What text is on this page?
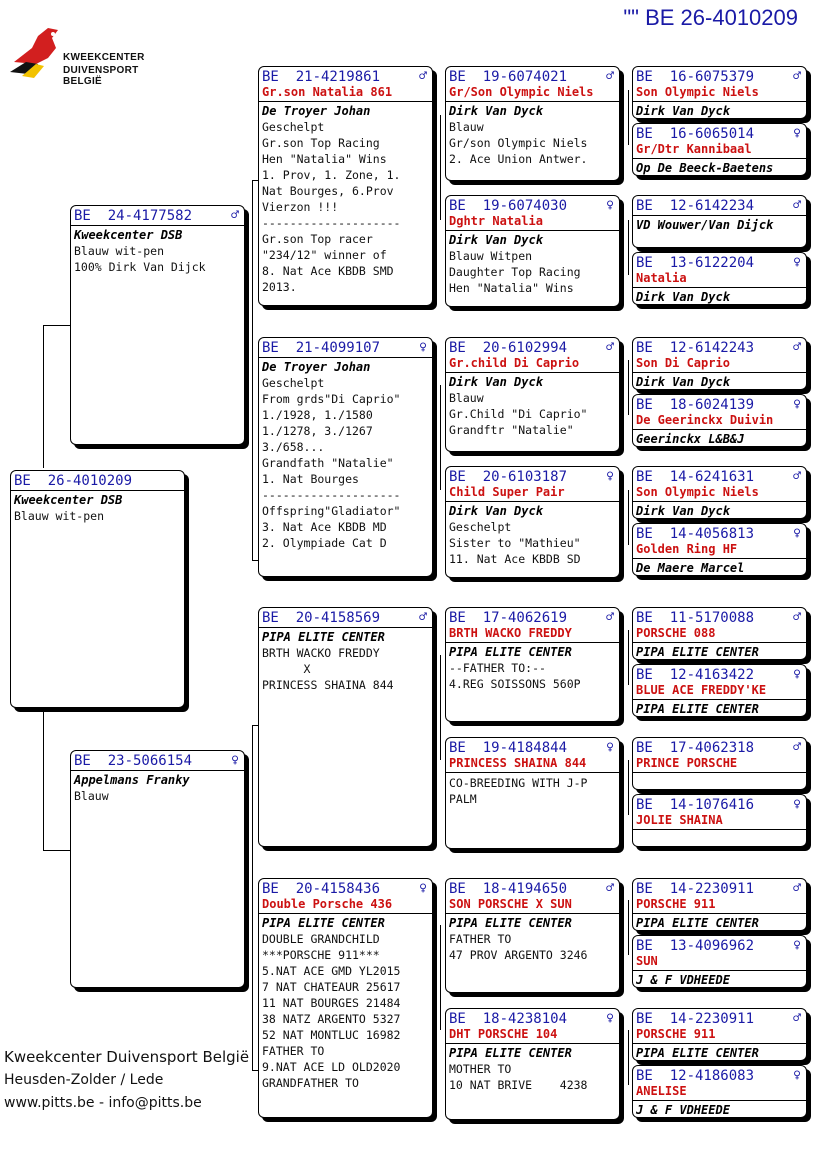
"" BE 26-4010209
KWEEKCENTER
DUIVENSPORT BELGIË
BE  26-4010209
Kweekcenter DSB
Blauw wit-pen
BE  24-4177582	♂
Kweekcenter DSB
Blauw wit-pen
100% Dirk Van Dijck
BE  23-5066154	♀
Appelmans Franky
Blauw
BE  21-4219861	♂
Gr.son Natalia 861
De Troyer Johan
Geschelpt
Gr.son Top Racing
Hen "Natalia" Wins
1. Prov, 1. Zone, 1.
Nat Bourges, 6.Prov
Vierzon !!!
--------------------
Gr.son Top racer
"234/12" winner of
8. Nat Ace KBDB SMD
2013.
BE  21-4099107	♀
De Troyer Johan
Geschelpt
From grds"Di Caprio"
1./1928, 1./1580
1./1278, 3./1267
3./658...
Grandfath "Natalie"
1. Nat Bourges
--------------------
Offspring"Gladiator"
3. Nat Ace KBDB MD
2. Olympiade Cat D
BE  20-4158569	♂
PIPA ELITE CENTER
BRTH WACKO FREDDY
X
PRINCESS SHAINA 844
BE  20-4158436	♀
Double Porsche 436
PIPA ELITE CENTER
DOUBLE GRANDCHILD
***PORSCHE 911***
5.NAT ACE GMD YL2015
7 NAT CHATEAUR 25617
11 NAT BOURGES 21484
38 NATZ ARGENTO 5327
52 NAT MONTLUC 16982
FATHER TO
9.NAT ACE LD OLD2020
GRANDFATHER TO
BE  19-6074021	♂
Gr/Son Olympic Niels
Dirk Van Dyck
Blauw
Gr/son Olympic Niels
2. Ace Union Antwer.
BE  19-6074030	♀
Dghtr Natalia
Dirk Van Dyck
Blauw Witpen
Daughter Top Racing
Hen "Natalia" Wins
BE  20-6102994	♂
Gr.child Di Caprio
Dirk Van Dyck
Blauw
Gr.Child "Di Caprio"
Grandftr "Natalie"
BE  20-6103187	♀
Child Super Pair
Dirk Van Dyck
Geschelpt
Sister to "Mathieu"
11. Nat Ace KBDB SD
BE  17-4062619	♂
BRTH WACKO FREDDY
PIPA ELITE CENTER
--FATHER TO:--
4.REG SOISSONS 560P
BE  19-4184844	♀
PRINCESS SHAINA 844
CO-BREEDING WITH J-P
PALM
BE  18-4194650	♂
SON PORSCHE X SUN
PIPA ELITE CENTER
FATHER TO
47 PROV ARGENTO 3246
BE  18-4238104	♀
DHT PORSCHE 104
PIPA ELITE CENTER
MOTHER TO
10 NAT BRIVE    4238
BE  16-6075379	♂
Son Olympic Niels
Dirk Van Dyck
BE  16-6065014	♀
Gr/Dtr Kannibaal
Op De Beeck-Baetens
BE  12-6142234	♂
VD Wouwer/Van Dijck
BE  13-6122204	♀
Natalia
Dirk Van Dyck
BE  12-6142243	♂
Son Di Caprio
Dirk Van Dyck
BE  18-6024139	♀
De Geerinckx Duivin
Geerinckx L&B&J
BE  14-6241631	♂
Son Olympic Niels
Dirk Van Dyck
BE  14-4056813	♀
Golden Ring HF
De Maere Marcel
BE  11-5170088	♂
PORSCHE 088
PIPA ELITE CENTER
BE  12-4163422	♀
BLUE ACE FREDDY'KE
PIPA ELITE CENTER
BE  17-4062318	♂
PRINCE PORSCHE
BE  14-1076416	♀
JOLIE SHAINA
BE  14-2230911	♂
PORSCHE 911
PIPA ELITE CENTER
BE  13-4096962	♀
SUN
J & F VDHEEDE
BE  14-2230911	♂
PORSCHE 911
PIPA ELITE CENTER
BE  12-4186083	♀
ANELISE
J & F VDHEEDE
Kweekcenter Duivensport België
Heusden-Zolder / Lede
www.pitts.be - info@pitts.be
